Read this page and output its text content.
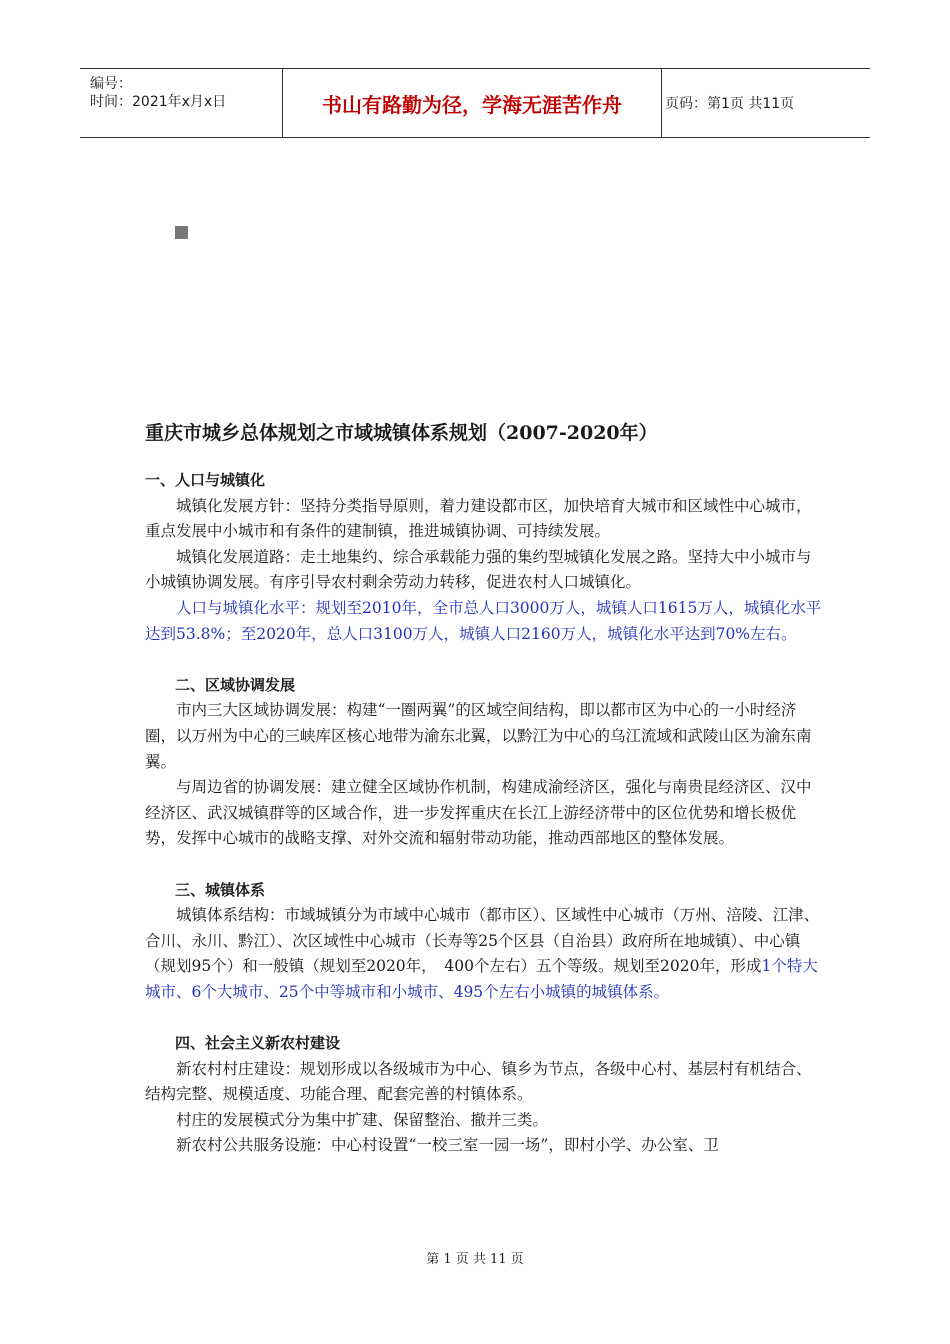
编号：
时间：2021年x月x日	书山有路勤为径，学海无涯苦作舟	页码：第1页 共11页
重庆市城乡总体规划之市域城镇体系规划（2007-2020年）
一、人口与城镇化

城镇化发展方针：坚持分类指导原则，着力建设都市区，加快培育大城市和区域性中心城市，重点发展中小城市和有条件的建制镇，推进城镇协调、可持续发展。

城镇化发展道路：走土地集约、综合承载能力强的集约型城镇化发展之路。坚持大中小城市与小城镇协调发展。有序引导农村剩余劳动力转移，促进农村人口城镇化。

人口与城镇化水平：规划至2010年，全市总人口3000万人，城镇人口1615万人，城镇化水平达到53.8%；至2020年，总人口3100万人，城镇人口2160万人，城镇化水平达到70%左右。

二、区域协调发展

市内三大区域协调发展：构建“一圈两翼”的区域空间结构，即以都市区为中心的一小时经济圈，以万州为中心的三峡库区核心地带为渝东北翼，以黔江为中心的乌江流域和武陵山区为渝东南翼。

与周边省的协调发展：建立健全区域协作机制，构建成渝经济区，强化与南贵昆经济区、汉中经济区、武汉城镇群等的区域合作，进一步发挥重庆在长江上游经济带中的区位优势和增长极优势，发挥中心城市的战略支撑、对外交流和辐射带动功能，推动西部地区的整体发展。

三、城镇体系

城镇体系结构：市域城镇分为市域中心城市（都市区）、区域性中心城市（万州、涪陵、江津、合川、永川、黔江）、次区域性中心城市（长寿等25个区县（自治县）政府所在地城镇）、中心镇（规划95个）和一般镇（规划至2020年，　400个左右）五个等级。规划至2020年，形成1个特大城市、6个大城市、25个中等城市和小城市、495个左右小城镇的城镇体系。

四、社会主义新农村建设

新农村村庄建设：规划形成以各级城市为中心、镇乡为节点，各级中心村、基层村有机结合、结构完整、规模适度、功能合理、配套完善的村镇体系。

村庄的发展模式分为集中扩建、保留整治、撤并三类。

新农村公共服务设施：中心村设置“一校三室一园一场”，即村小学、办公室、卫

第 1 页 共 11 页
